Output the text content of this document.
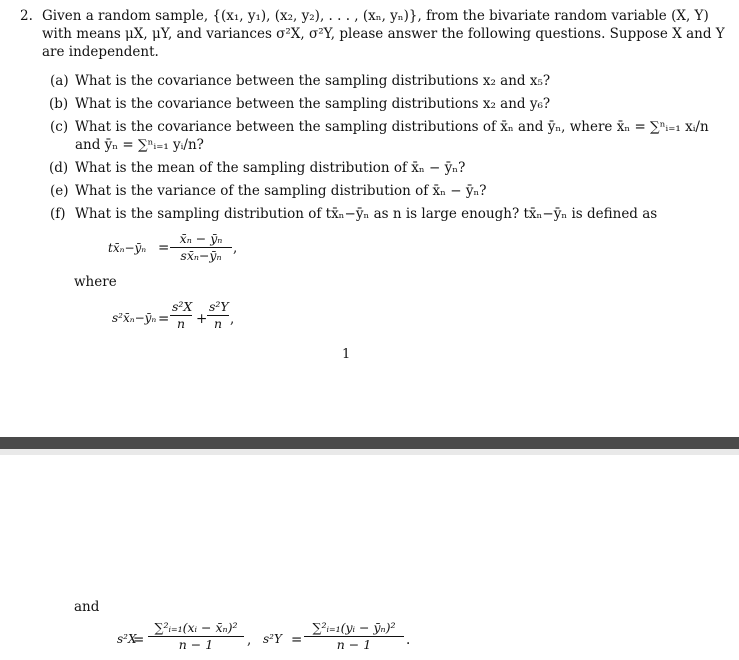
2. Given a random sample, {(x₁, y₁), (x₂, y₂), . . . , (xₙ, yₙ)}, from the bivariate random variable (X, Y)
with means μX, μY, and variances σ²X, σ²Y, please answer the following questions. Suppose X and Y
are independent.
(a) What is the covariance between the sampling distributions x₂ and x₅?
(b) What is the covariance between the sampling distributions x₂ and y₆?
(c) What is the covariance between the sampling distributions of x̄ₙ and ȳₙ, where x̄ₙ = ∑ⁿᵢ₌₁ xᵢ/n
and ȳₙ = ∑ⁿᵢ₌₁ yᵢ/n?
(d) What is the mean of the sampling distribution of x̄ₙ − ȳₙ?
(e) What is the variance of the sampling distribution of x̄ₙ − ȳₙ?
(f) What is the sampling distribution of tx̄ₙ−ȳₙ as n is large enough? tx̄ₙ−ȳₙ is defined as
tx̄ₙ−ȳₙ = $\frac{\text{x̄ₙ − ȳₙ}}{\text{sx̄ₙ−ȳₙ}}$ ,
where
s²x̄ₙ−ȳₙ = $\frac{\text{s²X}}{n} + \frac{\text{s²Y}}{n}$ ,
1
and
s²X
= $\frac{\text{∑²ᵢ₌₁(xᵢ − x̄ₙ)²}}{n - 1}$ , $s^2Y = \frac{\text{∑²ᵢ₌₁(yᵢ − ȳₙ)²}}{n - 1}$ .
